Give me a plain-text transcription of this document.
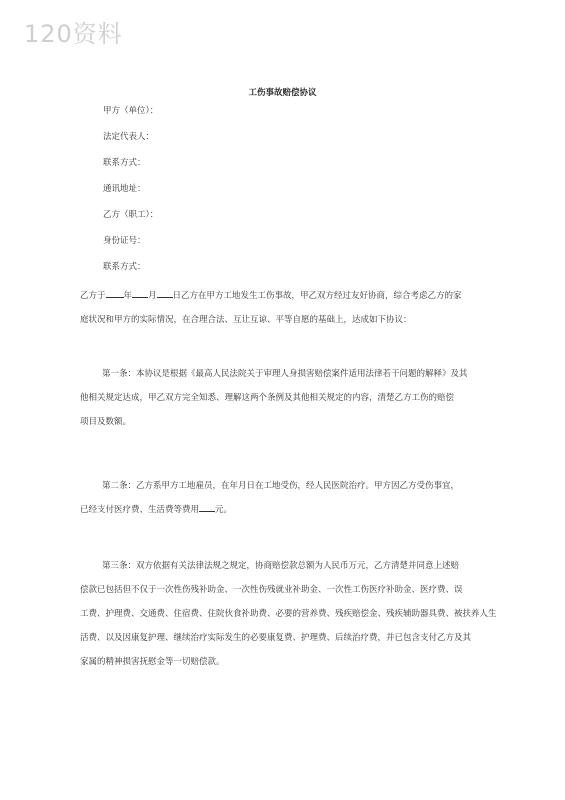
120资料
工伤事故赔偿协议
甲方（单位）：
法定代表人：
联系方式：
通讯地址：
乙方（职工）：
身份证号：
联系方式：
乙方于 年 月 日乙方在甲方工地发生工伤事故，甲乙双方经过友好协商，综合考虑乙方的家
庭状况和甲方的实际情况，在合理合法、互让互谅、平等自愿的基础上，达成如下协议：
第一条：本协议是根据《最高人民法院关于审理人身损害赔偿案件适用法律若干问题的解释》及其
他相关规定达成，甲乙双方完全知悉、理解这两个条例及其他相关规定的内容，清楚乙方工伤的赔偿
项目及数额。
第二条：乙方系甲方工地雇员，在年月日在工地受伤，经人民医院治疗。甲方因乙方受伤事宜，
已经支付医疗费、生活费等费用 元。
第三条：双方依据有关法律法规之规定，协商赔偿款总额为人民币万元，乙方清楚并同意上述赔
偿款已包括但不仅于一次性伤残补助金、一次性伤残就业补助金、一次性工伤医疗补助金、医疗费、误
工费、护理费、交通费、住宿费、住院伙食补助费、必要的营养费、残疾赔偿金、残疾辅助器具费、被扶养人生
活费、以及因康复护理、继续治疗实际发生的必要康复费、护理费、后续治疗费，并已包含支付乙方及其
家属的精神损害抚慰金等一切赔偿款。
